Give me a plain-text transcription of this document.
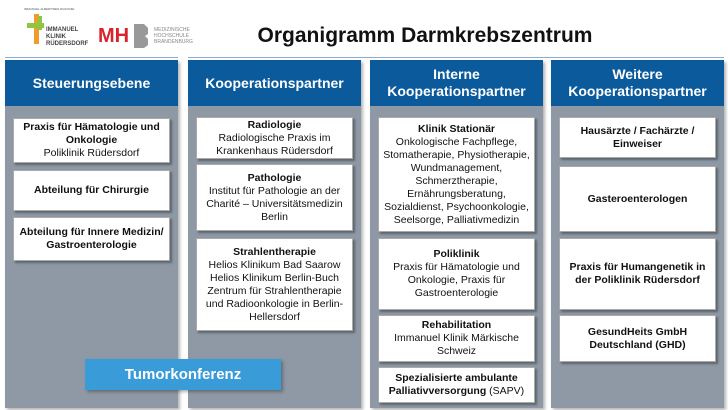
IMMANUEL ALBERTINEN DIAKONIE
IMMANUEL
KLINIK
RÜDERSDORF MH	MEDIZINISCHE
HOCHSCHULE
BRANDENBURG	Organigramm Darmkrebszentrum
Steuerungsebene	Kooperationspartner
Interne
Kooperationspartner
Weitere
Kooperationspartner
Praxis für Hämatologie und Onkologie
Poliklinik Rüdersdorf
Abteilung für Chirurgie
Abteilung für Innere Medizin/ Gastroenterologie
Radiologie
Radiologische Praxis im Krankenhaus Rüdersdorf
Pathologie
Institut für Pathologie an der Charité – Universitätsmedizin Berlin
Strahlentherapie
Helios Klinikum Bad Saarow Helios Klinikum Berlin-Buch Zentrum für Strahlentherapie und Radioonkologie in Berlin-Hellersdorf
Klinik Stationär
Onkologische Fachpflege, Stomatherapie, Physiotherapie, Wundmanagement, Schmerztherapie, Ernährungsberatung, Sozialdienst, Psychoonkologie, Seelsorge, Palliativmedizin
Poliklinik
Praxis für Hämatologie und Onkologie, Praxis für Gastroenterologie
Rehabilitation
Immanuel Klinik Märkische Schweiz
Spezialisierte ambulante Palliativversorgung (SAPV)
Hausärzte / Fachärzte / Einweiser
Gasteroenterologen
Praxis für Humangenetik in der Poliklinik Rüdersdorf
GesundHeits GmbH Deutschland (GHD)
Tumorkonferenz
